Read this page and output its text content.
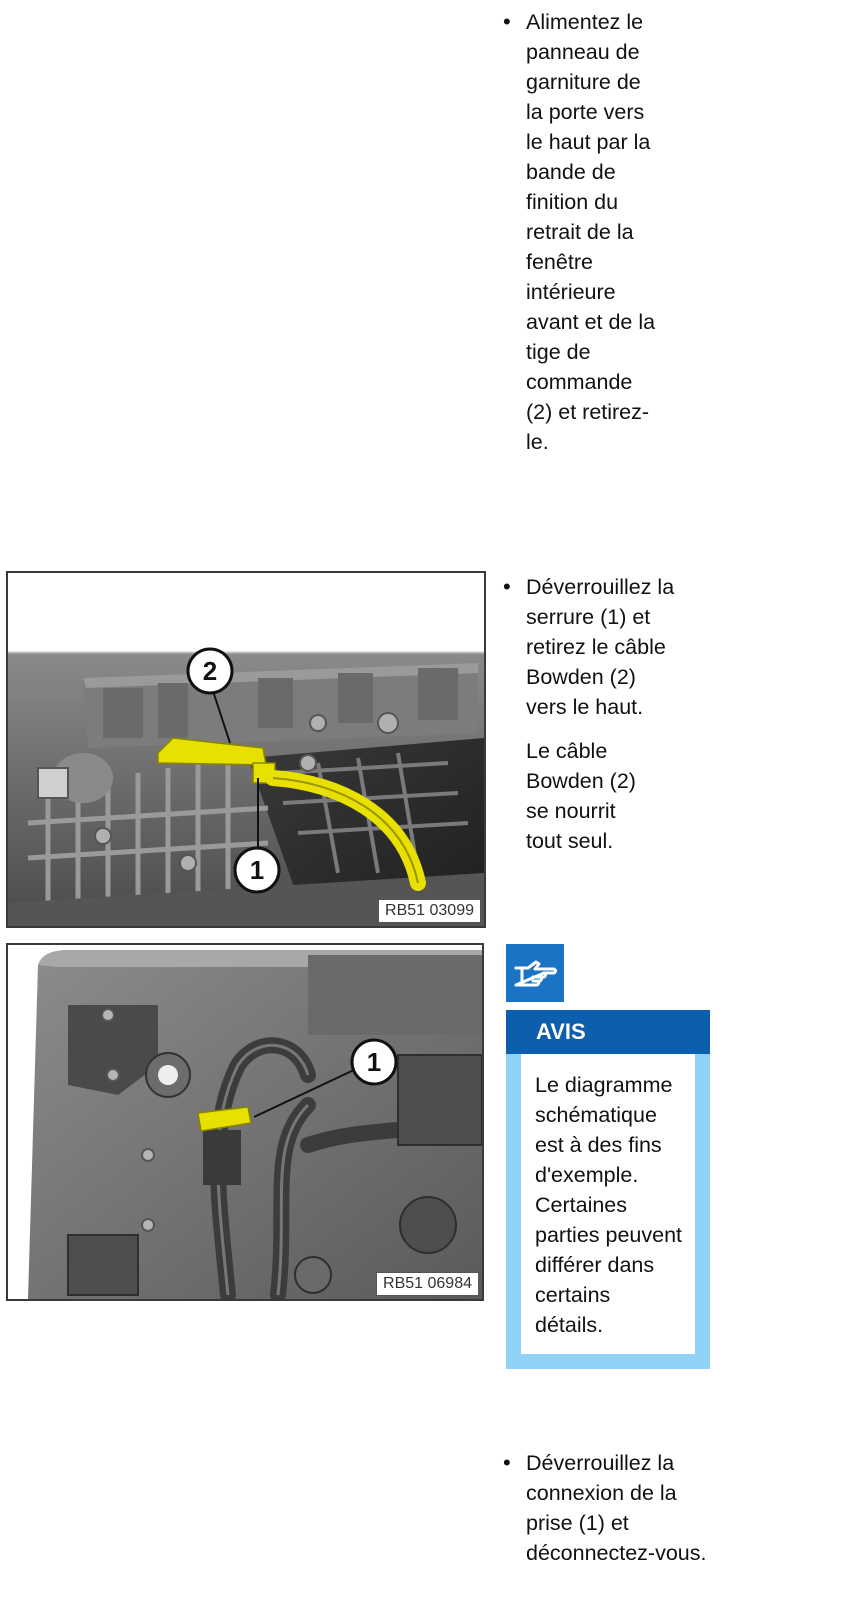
• Alimentez le panneau de garniture de la porte vers le haut par la bande de finition du retrait de la fenêtre intérieure avant et de la tige de commande (2) et retirez-le.
2
1
RB51 03099
• Déverrouillez la serrure (1) et retirez le câble Bowden (2) vers le haut.
Le câble Bowden (2) se nourrit tout seul.
1
RB51 06984
AVIS
Le diagramme schématique est à des fins d'exemple. Certaines parties peuvent différer dans certains détails.
• Déverrouillez la connexion de la prise (1) et déconnectez-vous.
